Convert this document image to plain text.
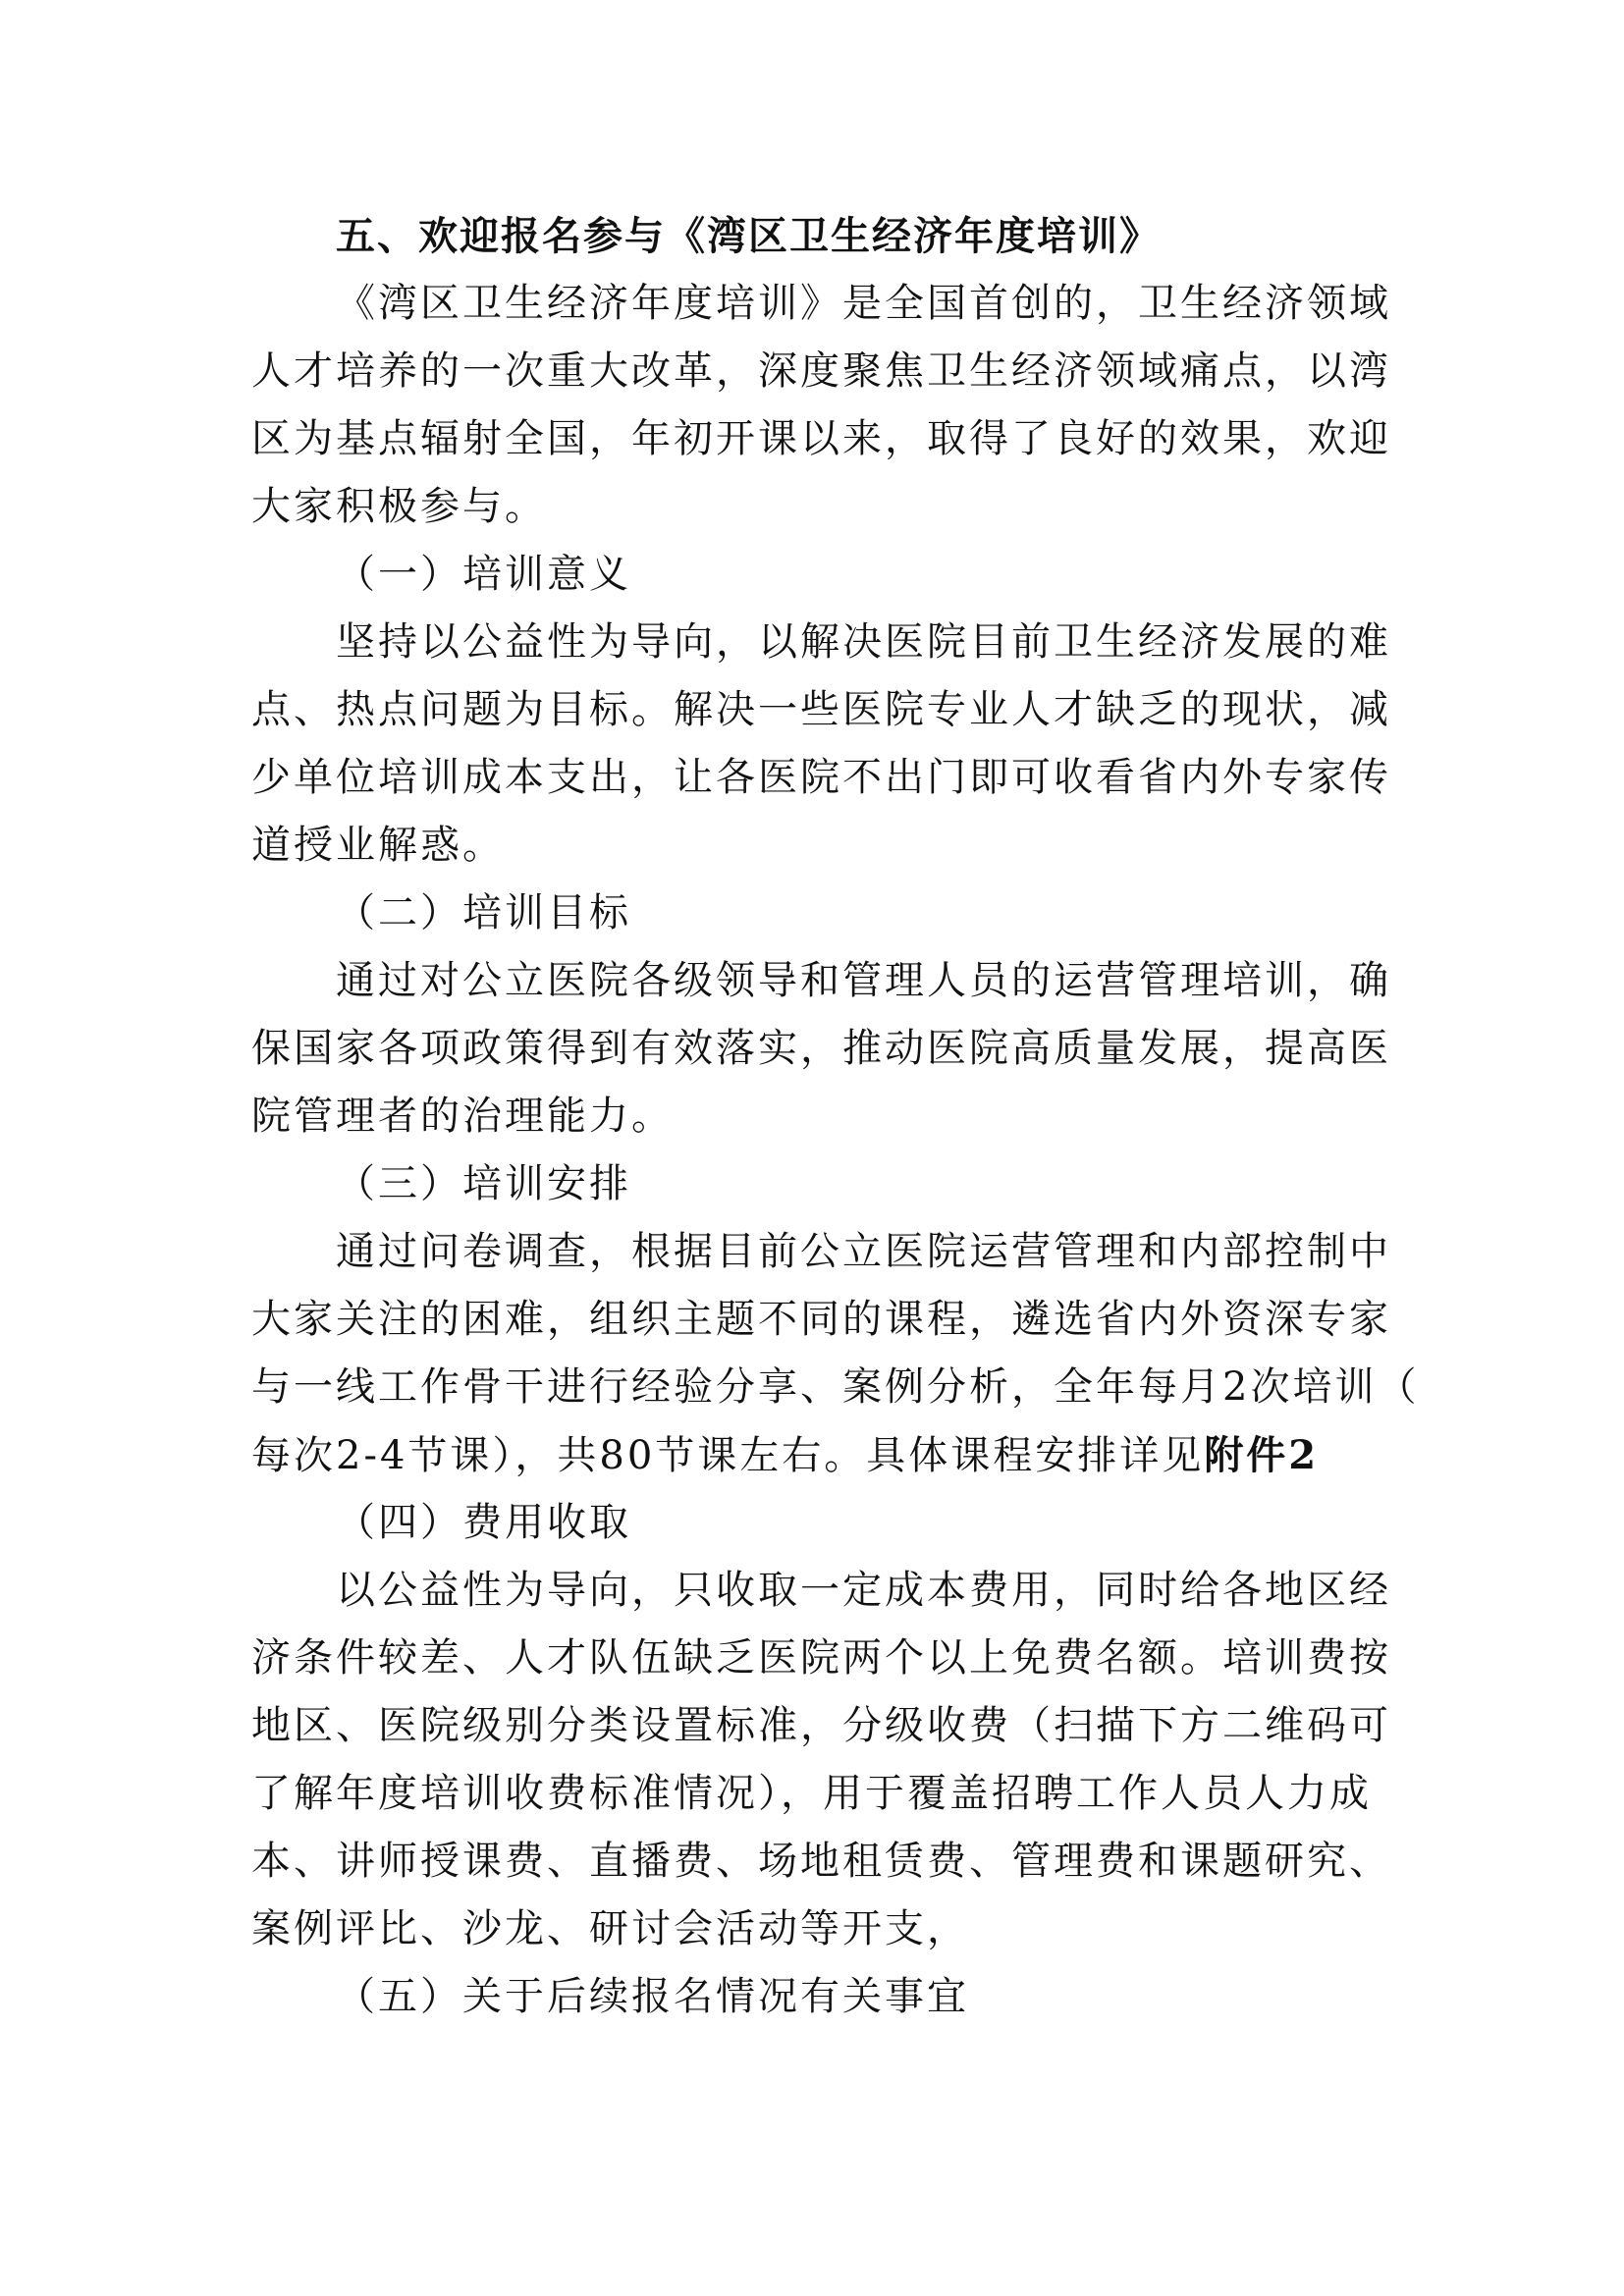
五、欢迎报名参与《湾区卫生经济年度培训》
《湾区卫生经济年度培训》是全国首创的，卫生经济领域
人才培养的一次重大改革，深度聚焦卫生经济领域痛点，以湾
区为基点辐射全国，年初开课以来，取得了良好的效果，欢迎
大家积极参与。
（一）培训意义
坚持以公益性为导向，以解决医院目前卫生经济发展的难
点、热点问题为目标。解决一些医院专业人才缺乏的现状，减
少单位培训成本支出，让各医院不出门即可收看省内外专家传
道授业解惑。
（二）培训目标
通过对公立医院各级领导和管理人员的运营管理培训，确
保国家各项政策得到有效落实，推动医院高质量发展，提高医
院管理者的治理能力。
（三）培训安排
通过问卷调查，根据目前公立医院运营管理和内部控制中
大家关注的困难，组织主题不同的课程，遴选省内外资深专家
与一线工作骨干进行经验分享、案例分析，全年每月2次培训（
每次2-4节课），共80节课左右。具体课程安排详见附件2
（四）费用收取
以公益性为导向，只收取一定成本费用，同时给各地区经
济条件较差、人才队伍缺乏医院两个以上免费名额。培训费按
地区、医院级别分类设置标准，分级收费（扫描下方二维码可
了解年度培训收费标准情况），用于覆盖招聘工作人员人力成
本、讲师授课费、直播费、场地租赁费、管理费和课题研究、
案例评比、沙龙、研讨会活动等开支，
（五）关于后续报名情况有关事宜
